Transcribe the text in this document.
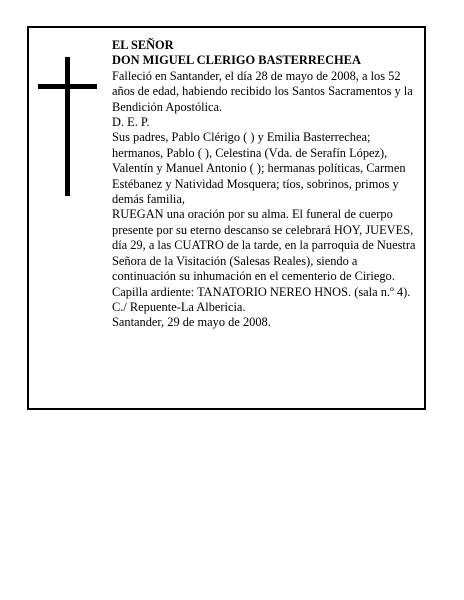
EL SEÑOR

DON MIGUEL CLERIGO BASTERRECHEA

Falleció en Santander, el día 28 de mayo de 2008, a los 52 años de edad, habiendo recibido los Santos Sacramentos y la Bendición Apostólica.

D. E. P.

Sus padres, Pablo Clérigo ( ) y Emilia Basterrechea; hermanos, Pablo ( ), Celestina (Vda. de Serafín López), Valentín y Manuel Antonio ( ); hermanas políticas, Carmen Estébanez y Natividad Mosquera; tíos, sobrinos, primos y demás familia,

RUEGAN una oración por su alma. El funeral de cuerpo presente por su eterno descanso se celebrará HOY, JUEVES, día 29, a las CUATRO de la tarde, en la parroquia de Nuestra Señora de la Visitación (Salesas Reales), siendo a continuación su inhumación en el cementerio de Ciriego. Capilla ardiente: TANATORIO NEREO HNOS. (sala n.º 4). C./ Repuente-La Albericia.

Santander, 29 de mayo de 2008.
